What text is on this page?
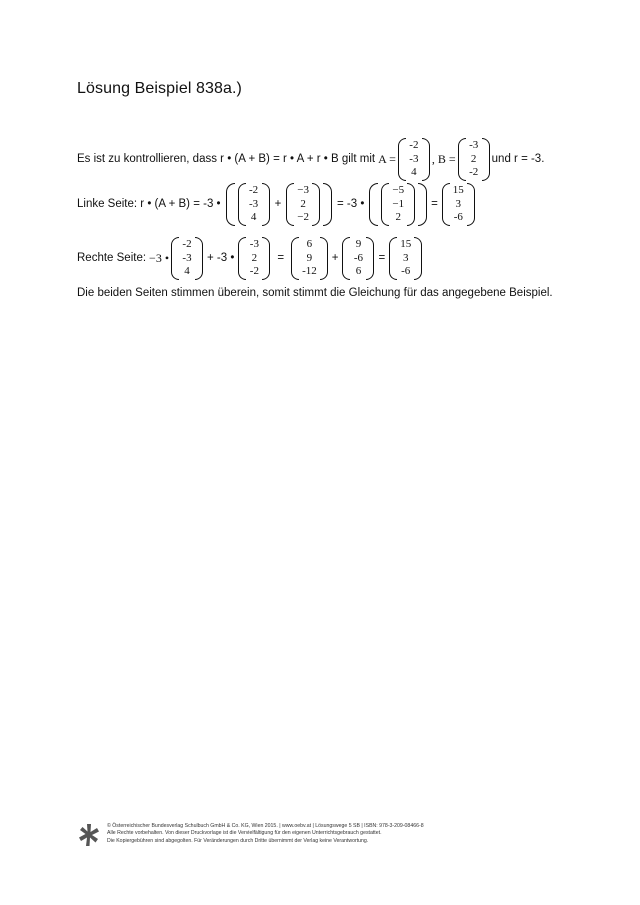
Lösung Beispiel 838a.)
Es ist zu kontrollieren, dass r • (A + B) = r • A + r • B gilt mit A =
-2
-3
4
, B =
-3
2
-2
und r = -3.
Linke Seite: r • (A + B) = -3 •
-2
-3
4
+
−3
2
−2
= -3 •
−5
−1
2
=
15
3
-6
Rechte Seite: −3 •
-2
-3
4
+ -3 •
-3
2
-2
=
6
9
-12
+
9
-6
6
=
15
3
-6
Die beiden Seiten stimmen überein, somit stimmt die Gleichung für das angegebene Beispiel.
© Österreichischer Bundesverlag Schulbuch GmbH & Co. KG, Wien 2015. | www.oebv.at | Lösungswege 5 SB | ISBN: 978-3-209-08466-8
Alle Rechte vorbehalten. Von dieser Druckvorlage ist die Vervielfältigung für den eigenen Unterrichtsgebrauch gestattet.
Die Kopiergebühren sind abgegolten. Für Veränderungen durch Dritte übernimmt der Verlag keine Verantwortung.
